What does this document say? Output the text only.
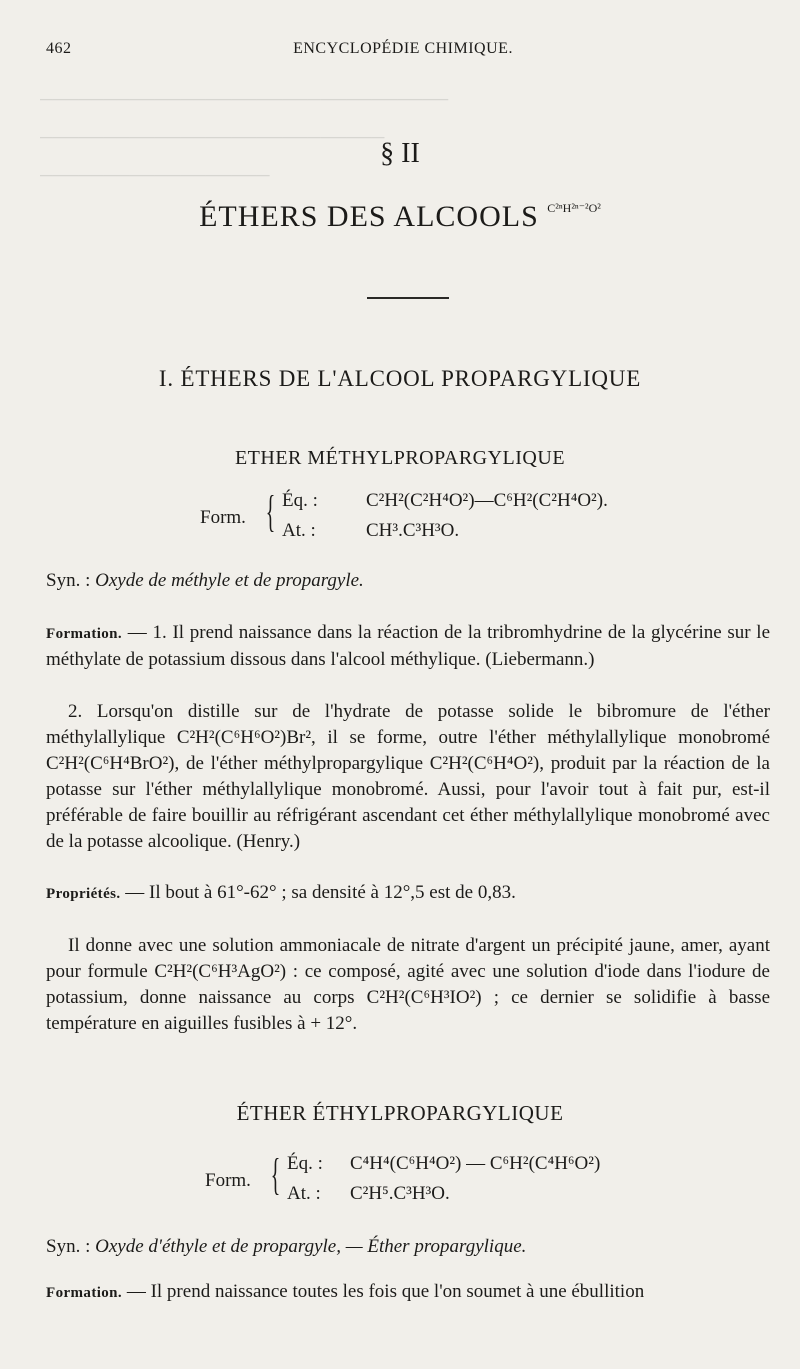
────────────────────────────────
───────────────────────────
──────────────────
462	ENCYCLOPÉDIE CHIMIQUE.
§ II
ÉTHERS DES ALCOOLS $^{C^{2n}H^{2n-2}O^2}$
I. ÉTHERS DE L'ALCOOL PROPARGYLIQUE
ETHER MÉTHYLPROPARGYLIQUE
Form. { Éq. :	C²H²(C²H⁴O²)—C⁶H²(C²H⁴O²).
At. :	CH³.C³H³O.

Syn. : Oxyde de méthyle et de propargyle.

Formation. — 1. Il prend naissance dans la réaction de la tribromhydrine de la glycérine sur le méthylate de potassium dissous dans l'alcool méthylique. (Liebermann.)

2. Lorsqu'on distille sur de l'hydrate de potasse solide le bibromure de l'éther méthylallylique C²H²(C⁶H⁶O²)Br², il se forme, outre l'éther méthylallylique monobromé C²H²(C⁶H⁴BrO²), de l'éther méthylpropargylique C²H²(C⁶H⁴O²), produit par la réaction de la potasse sur l'éther méthylallylique monobromé. Aussi, pour l'avoir tout à fait pur, est-il préférable de faire bouillir au réfrigérant ascendant cet éther méthylallylique monobromé avec de la potasse alcoolique. (Henry.)

Propriétés. — Il bout à 61°-62° ; sa densité à 12°,5 est de 0,83.

Il donne avec une solution ammoniacale de nitrate d'argent un précipité jaune, amer, ayant pour formule C²H²(C⁶H³AgO²) : ce composé, agité avec une solution d'iode dans l'iodure de potassium, donne naissance au corps C²H²(C⁶H³IO²) ; ce dernier se solidifie à basse température en aiguilles fusibles à + 12°.

ÉTHER ÉTHYLPROPARGYLIQUE
Form. { Éq. : C⁴H⁴(C⁶H⁴O²) — C⁶H²(C⁴H⁶O²)
At. : C²H⁵.C³H³O.

Syn. : Oxyde d'éthyle et de propargyle, — Éther propargylique.

Formation. — Il prend naissance toutes les fois que l'on soumet à une ébullition
